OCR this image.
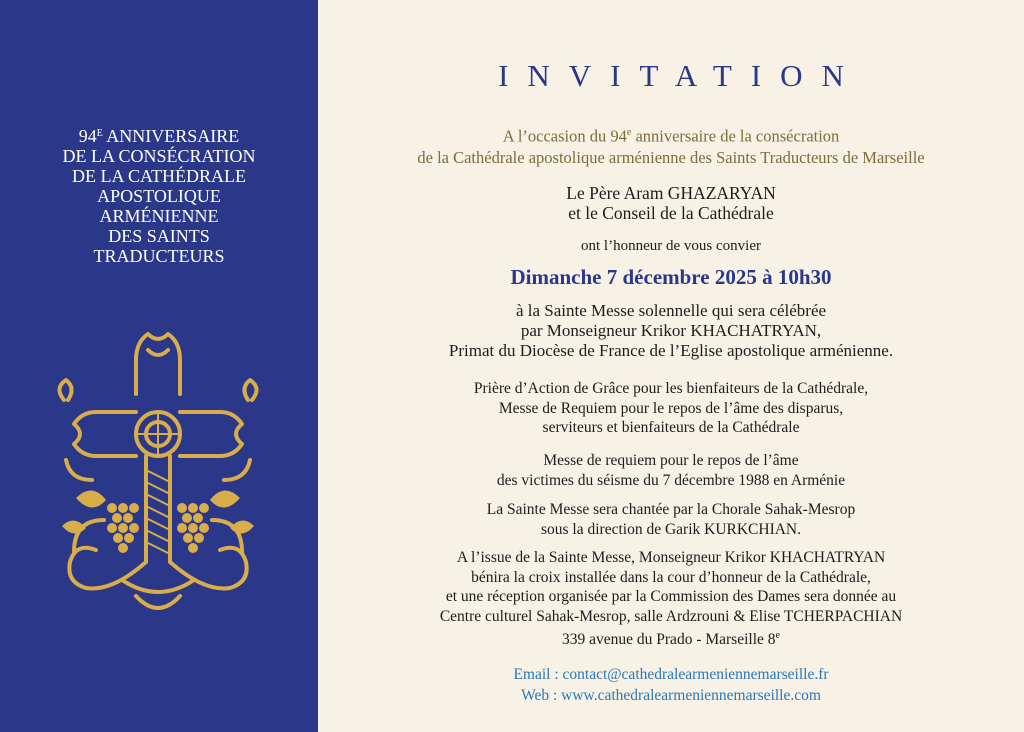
$94^E$ ANNIVERSAIRE
DE LA CONSÉCRATION
DE LA CATHÉDRALE
APOSTOLIQUE
ARMÉNIENNE
DES SAINTS
TRADUCTEURS
INVITATION
A l’occasion du 94e anniversaire de la consécration
de la Cathédrale apostolique arménienne des Saints Traducteurs de Marseille
Le Père Aram GHAZARYAN
et le Conseil de la Cathédrale
ont l’honneur de vous convier
Dimanche 7 décembre 2025 à 10h30
à la Sainte Messe solennelle qui sera célébrée
par Monseigneur Krikor KHACHATRYAN,
Primat du Diocèse de France de l’Eglise apostolique arménienne.
Prière d’Action de Grâce pour les bienfaiteurs de la Cathédrale,
Messe de Requiem pour le repos de l’âme des disparus,
serviteurs et bienfaiteurs de la Cathédrale
Messe de requiem pour le repos de l’âme
des victimes du séisme du 7 décembre 1988 en Arménie
La Sainte Messe sera chantée par la Chorale Sahak-Mesrop
sous la direction de Garik KURKCHIAN.
A l’issue de la Sainte Messe, Monseigneur Krikor KHACHATRYAN
bénira la croix installée dans la cour d’honneur de la Cathédrale,
et une réception organisée par la Commission des Dames sera donnée au
Centre culturel Sahak-Mesrop, salle Ardzrouni & Elise TCHERPACHIAN
339 avenue du Prado - Marseille 8e
Email : contact@cathedralearmeniennemarseille.fr
Web : www.cathedralearmeniennemarseille.com
